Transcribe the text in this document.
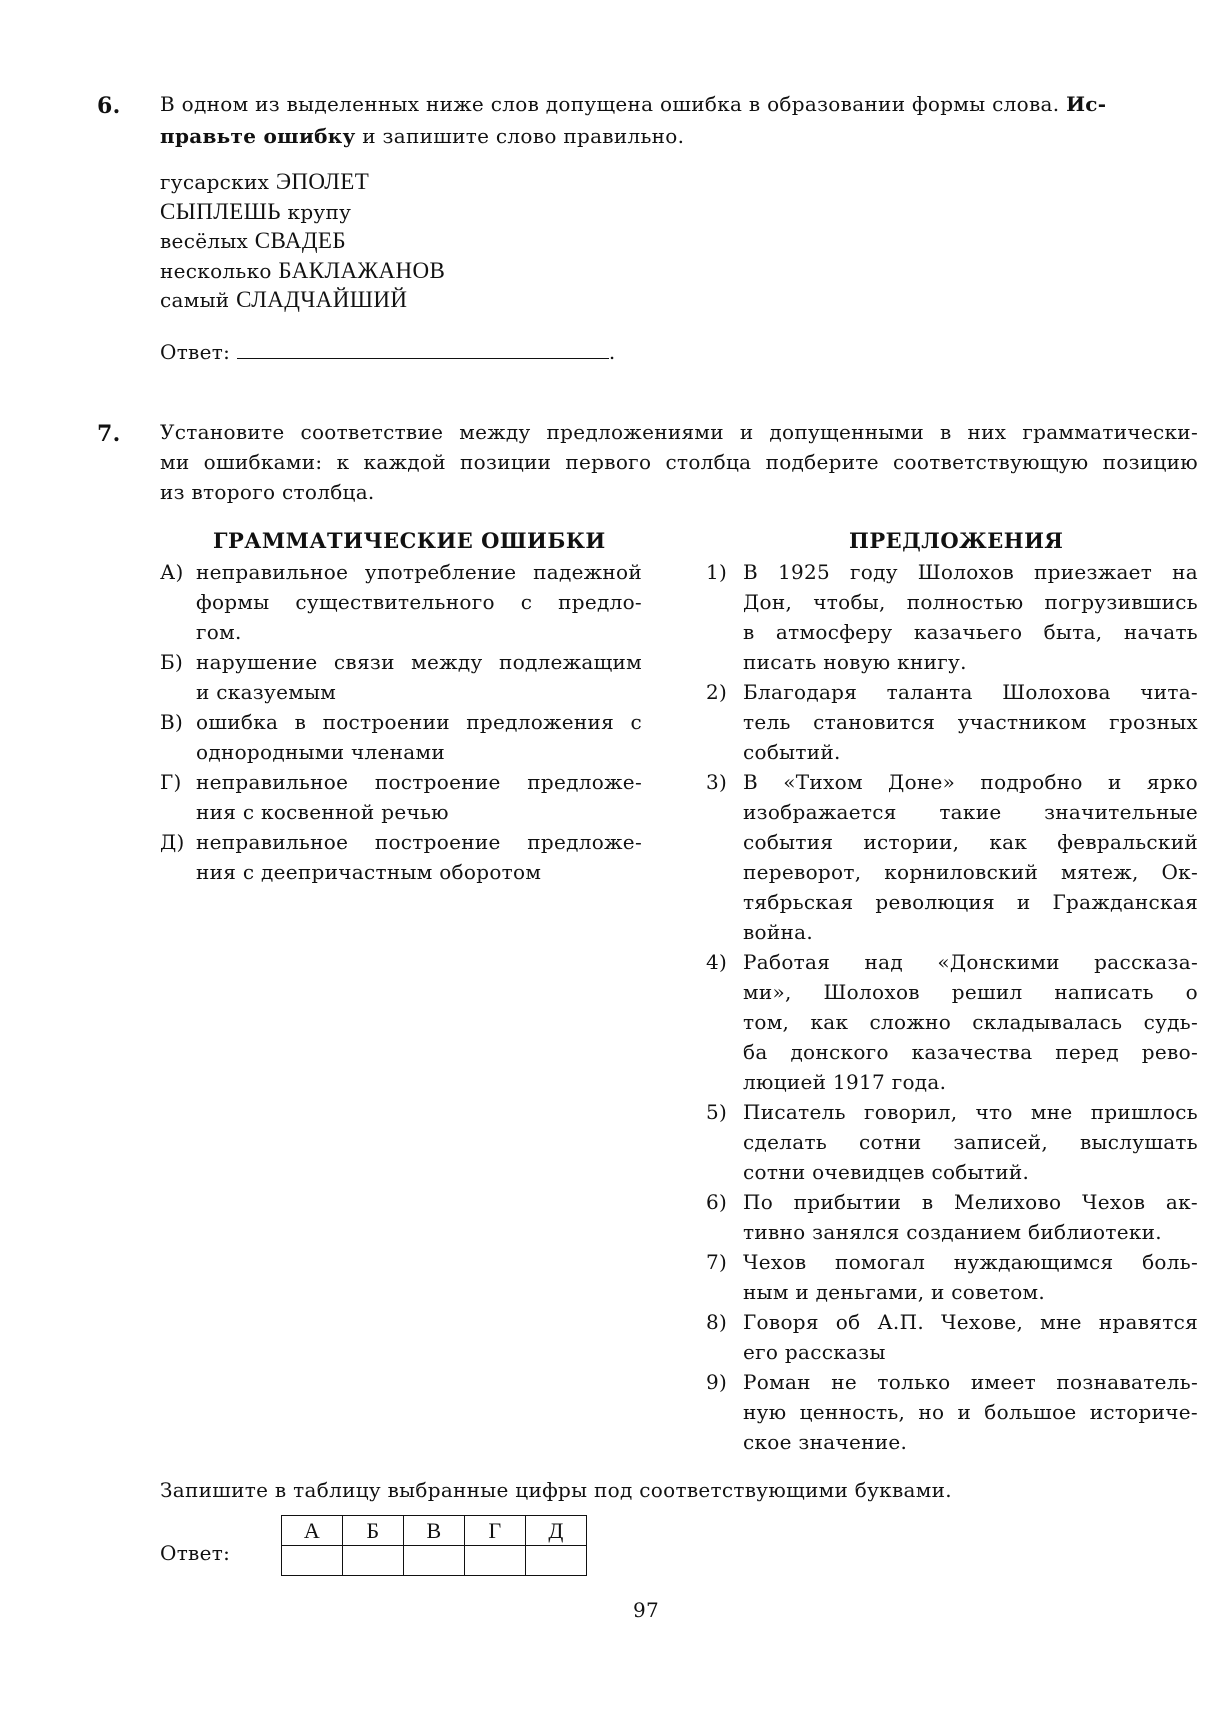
6. В одном из выделенных ниже слов допущена ошибка в образовании формы слова. Ис-
правьте ошибку и запишите слово правильно.
гусарских ЭПОЛЕТ
СЫПЛЕШЬ крупу
весёлых СВАДЕБ
несколько БАКЛАЖАНОВ
самый СЛАДЧАЙШИЙ
Ответ:	.
7. Установите соответствие между предложениями и допущенными в них грамматически-
ми ошибками: к каждой позиции первого столбца подберите соответствующую позицию
из второго столбца.
ГРАММАТИЧЕСКИЕ ОШИБКИ	ПРЕДЛОЖЕНИЯ
А) неправильное употребление падежной
формы существительного с предло-
гом.
Б) нарушение связи между подлежащим
и сказуемым
В) ошибка в построении предложения с
однородными членами
Г) неправильное построение предложе-
ния с косвенной речью
Д) неправильное построение предложе-
ния с деепричастным оборотом
1) В 1925 году Шолохов приезжает на
Дон, чтобы, полностью погрузившись
в атмосферу казачьего быта, начать
писать новую книгу.
2) Благодаря таланта Шолохова чита-
тель становится участником грозных
событий.
3) В «Тихом Доне» подробно и ярко
изображается такие значительные
события истории, как февральский
переворот, корниловский мятеж, Ок-
тябрьская революция и Гражданская
война.
4) Работая над «Донскими рассказа-
ми», Шолохов решил написать о
том, как сложно складывалась судь-
ба донского казачества перед рево-
люцией 1917 года.
5) Писатель говорил, что мне пришлось
сделать сотни записей, выслушать
сотни очевидцев событий.
6) По прибытии в Мелихово Чехов ак-
тивно занялся созданием библиотеки.
7) Чехов помогал нуждающимся боль-
ным и деньгами, и советом.
8) Говоря об А.П. Чехове, мне нравятся
его рассказы
9) Роман не только имеет познаватель-
ную ценность, но и большое историче-
ское значение.
Запишите в таблицу выбранные цифры под соответствующими буквами.
Ответ:
А	Б	В	Г	Д

97
